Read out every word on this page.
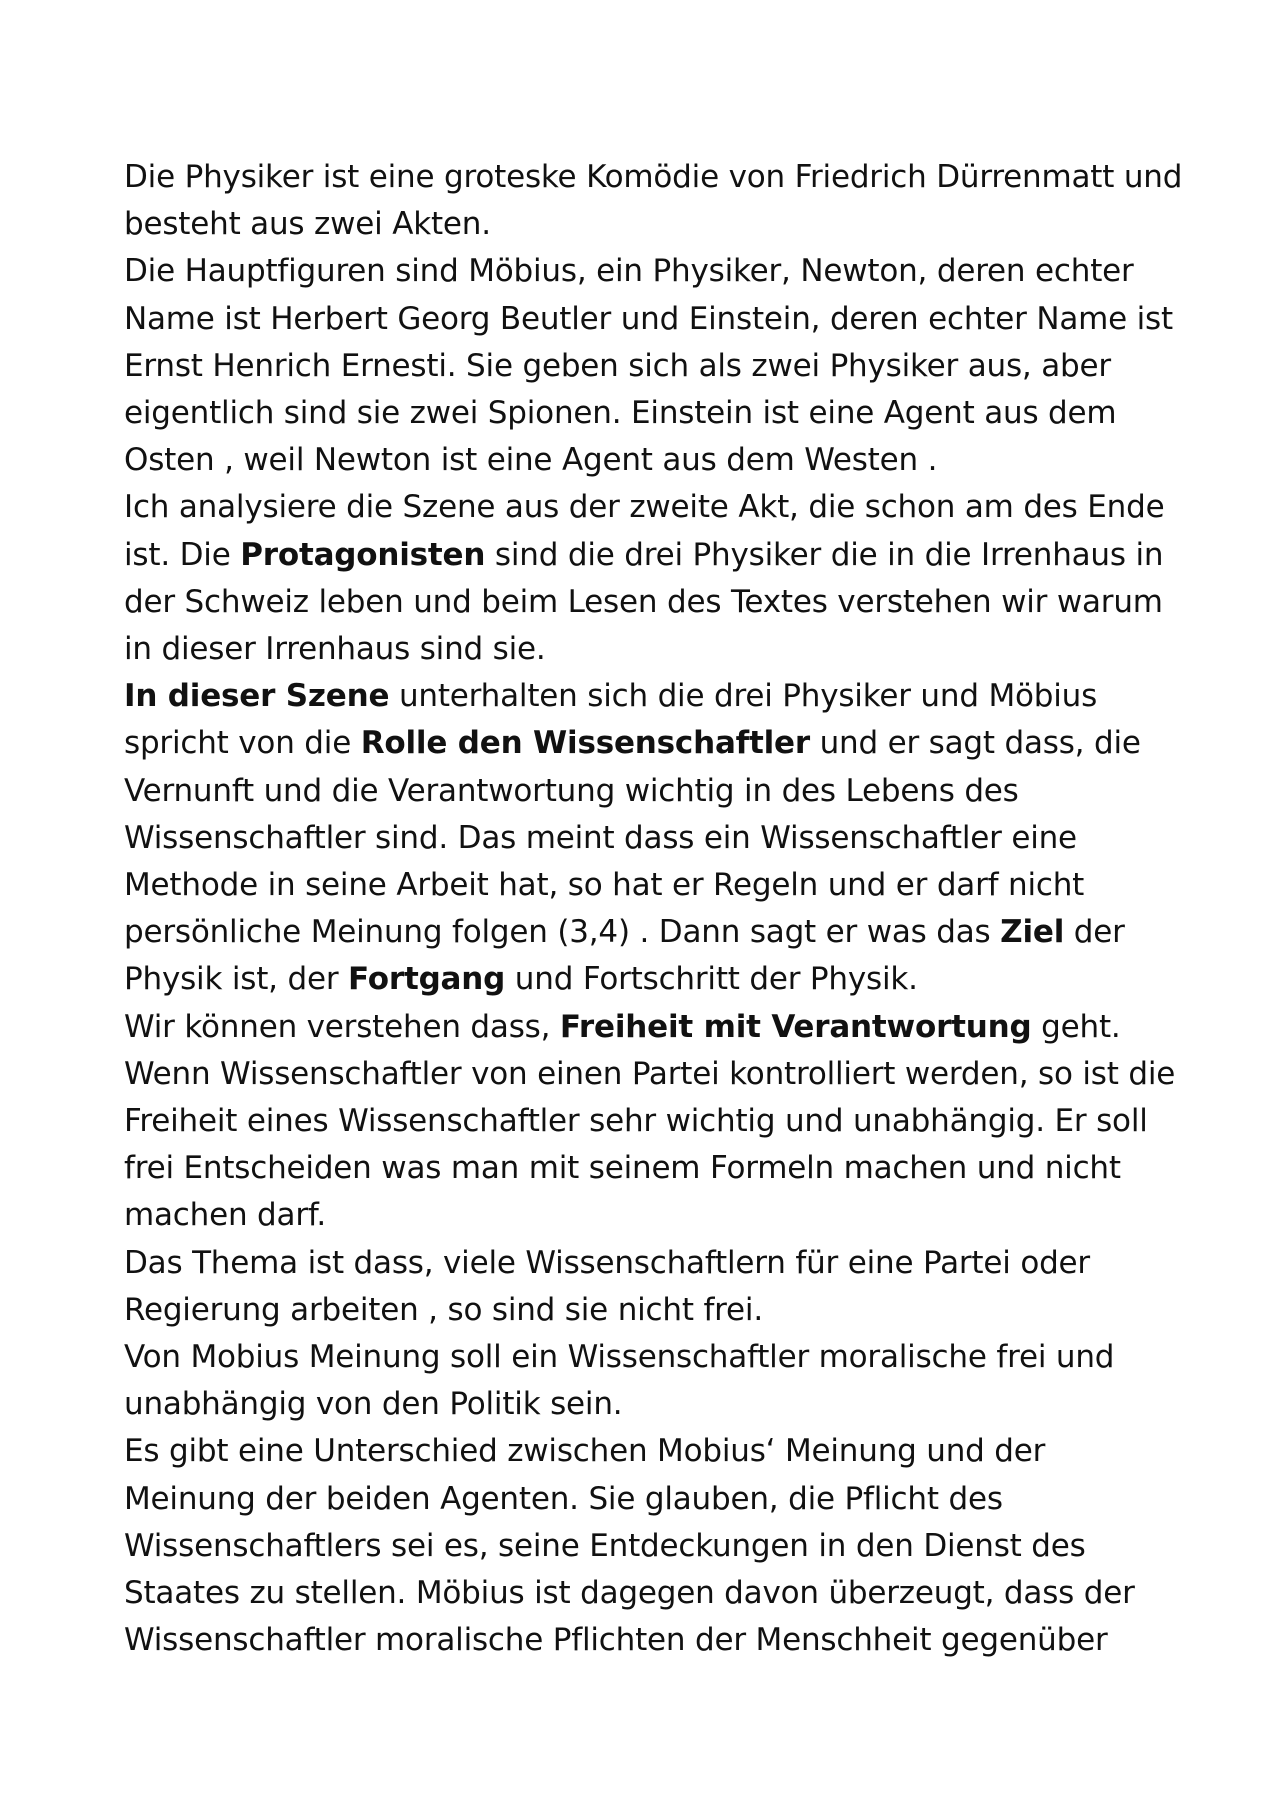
Die Physiker ist eine groteske Komödie von Friedrich Dürrenmatt und besteht aus zwei Akten.

Die Hauptfiguren sind Möbius, ein Physiker, Newton, deren echter Name ist Herbert Georg Beutler und Einstein, deren echter Name ist Ernst Henrich Ernesti. Sie geben sich als zwei Physiker aus, aber eigentlich sind sie zwei Spionen. Einstein ist eine Agent aus dem Osten , weil Newton ist eine Agent aus dem Westen .

Ich analysiere die Szene aus der zweite Akt, die schon am des Ende ist. Die Protagonisten sind die drei Physiker die in die Irrenhaus in der Schweiz leben und beim Lesen des Textes verstehen wir warum in dieser Irrenhaus sind sie.

In dieser Szene unterhalten sich die drei Physiker und Möbius spricht von die Rolle den Wissenschaftler und er sagt dass, die Vernunft und die Verantwortung wichtig in des Lebens des Wissenschaftler sind. Das meint dass ein Wissenschaftler eine Methode in seine Arbeit hat, so hat er Regeln und er darf nicht persönliche Meinung folgen (3,4) . Dann sagt er was das Ziel der Physik ist, der Fortgang und Fortschritt der Physik.

Wir können verstehen dass, Freiheit mit Verantwortung geht. Wenn Wissenschaftler von einen Partei kontrolliert werden, so ist die Freiheit eines Wissenschaftler sehr wichtig und unabhängig. Er soll frei Entscheiden was man mit seinem Formeln machen und nicht machen darf.

Das Thema ist dass, viele Wissenschaftlern für eine Partei oder Regierung arbeiten , so sind sie nicht frei.

Von Mobius Meinung soll ein Wissenschaftler moralische frei und unabhängig von den Politik sein.

Es gibt eine Unterschied zwischen Mobius‘ Meinung und der Meinung der beiden Agenten. Sie glauben, die Pflicht des Wissenschaftlers sei es, seine Entdeckungen in den Dienst des Staates zu stellen. Möbius ist dagegen davon überzeugt, dass der Wissenschaftler moralische Pflichten der Menschheit gegenüber
